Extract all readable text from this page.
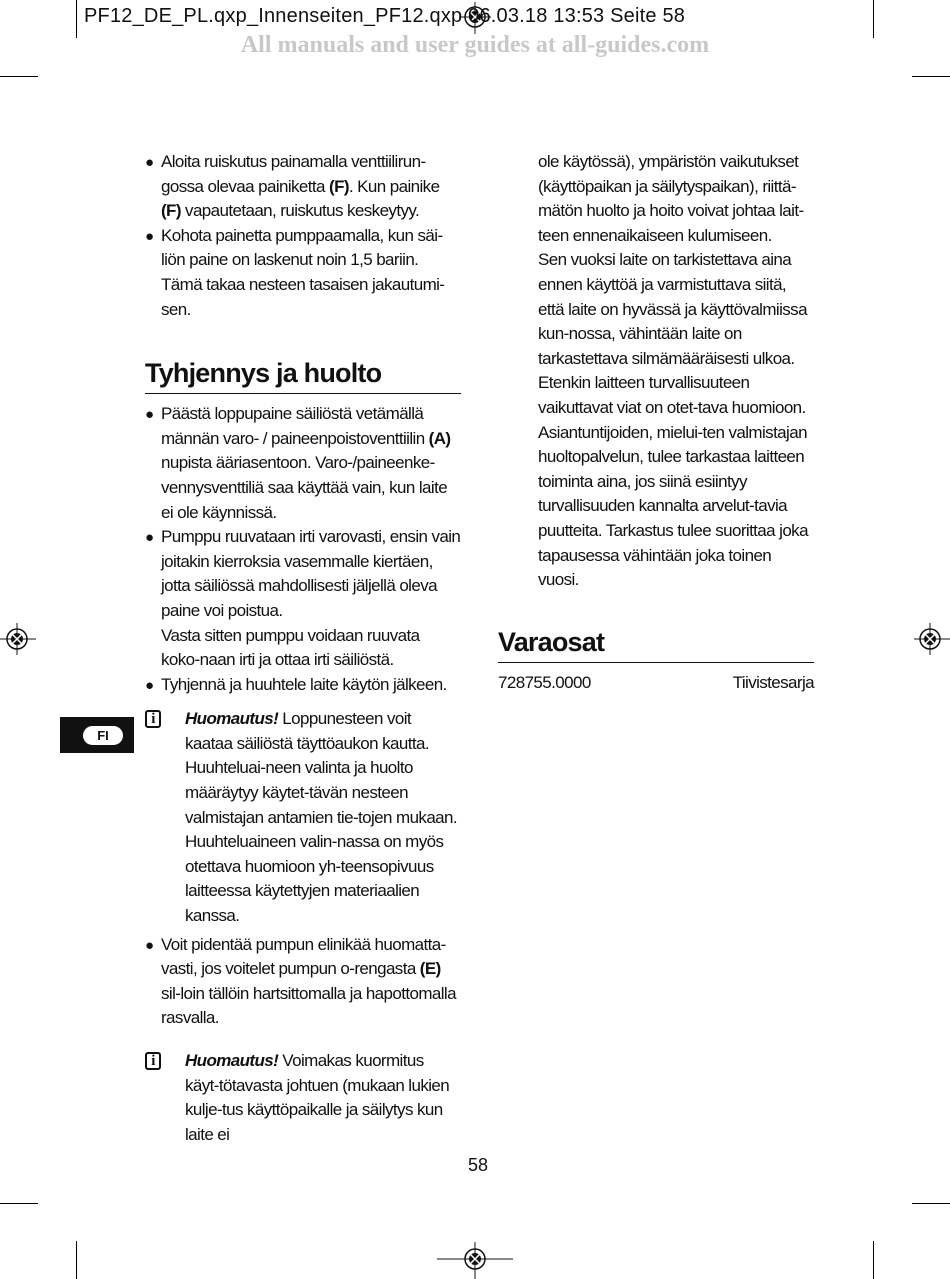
PF12_DE_PL.qxp_Innenseiten_PF12.qxp 06.03.18 13:53 Seite 58
All manuals and user guides at all-guides.com
FI
● Aloita ruiskutus painamalla venttiilirun-gossa olevaa painiketta (F). Kun painike (F) vapautetaan, ruiskutus keskeytyy.
● Kohota painetta pumppaamalla, kun säi-liön paine on laskenut noin 1,5 bariin. Tämä takaa nesteen tasaisen jakautumi-sen.
Tyhjennys ja huolto
● Päästä loppupaine säiliöstä vetämällä männän varo- / paineenpoistoventtiilin (A) nupista ääriasentoon. Varo-/paineenke-vennysventtiliä saa käyttää vain, kun laite ei ole käynnissä.
● Pumppu ruuvataan irti varovasti, ensin vain joitakin kierroksia vasemmalle kiertäen, jotta säiliössä mahdollisesti jäljellä oleva paine voi poistua.
Vasta sitten pumppu voidaan ruuvata koko-naan irti ja ottaa irti säiliöstä.
● Tyhjennä ja huuhtele laite käytön jälkeen.
i	Huomautus! Loppunesteen voit kaataa säiliöstä täyttöaukon kautta. Huuhteluai-neen valinta ja huolto määräytyy käytet-tävän nesteen valmistajan antamien tie-tojen mukaan. Huuhteluaineen valin-nassa on myös otettava huomioon yh-teensopivuus laitteessa käytettyjen materiaalien kanssa.
● Voit pidentää pumpun elinikää huomatta-vasti, jos voitelet pumpun o-rengasta (E) sil-loin tällöin hartsittomalla ja hapottomalla rasvalla.
i	Huomautus! Voimakas kuormitus käyt-tötavasta johtuen (mukaan lukien kulje-tus käyttöpaikalle ja säilytys kun laite ei
ole käytössä), ympäristön vaikutukset (käyttöpaikan ja säilytyspaikan), riittä-mätön huolto ja hoito voivat johtaa lait-teen ennenaikaiseen kulumiseen.
Sen vuoksi laite on tarkistettava aina ennen käyttöä ja varmistuttava siitä, että laite on hyvässä ja käyttövalmiissa kun-nossa, vähintään laite on tarkastettava silmämääräisesti ulkoa. Etenkin laitteen turvallisuuteen vaikuttavat viat on otet-tava huomioon. Asiantuntijoiden, mielui-ten valmistajan huoltopalvelun, tulee tarkastaa laitteen toiminta aina, jos siinä esiintyy turvallisuuden kannalta arvelut-tavia puutteita. Tarkastus tulee suorittaa joka tapausessa vähintään joka toinen vuosi.
Varaosat
728755.0000	Tiivistesarja
58
